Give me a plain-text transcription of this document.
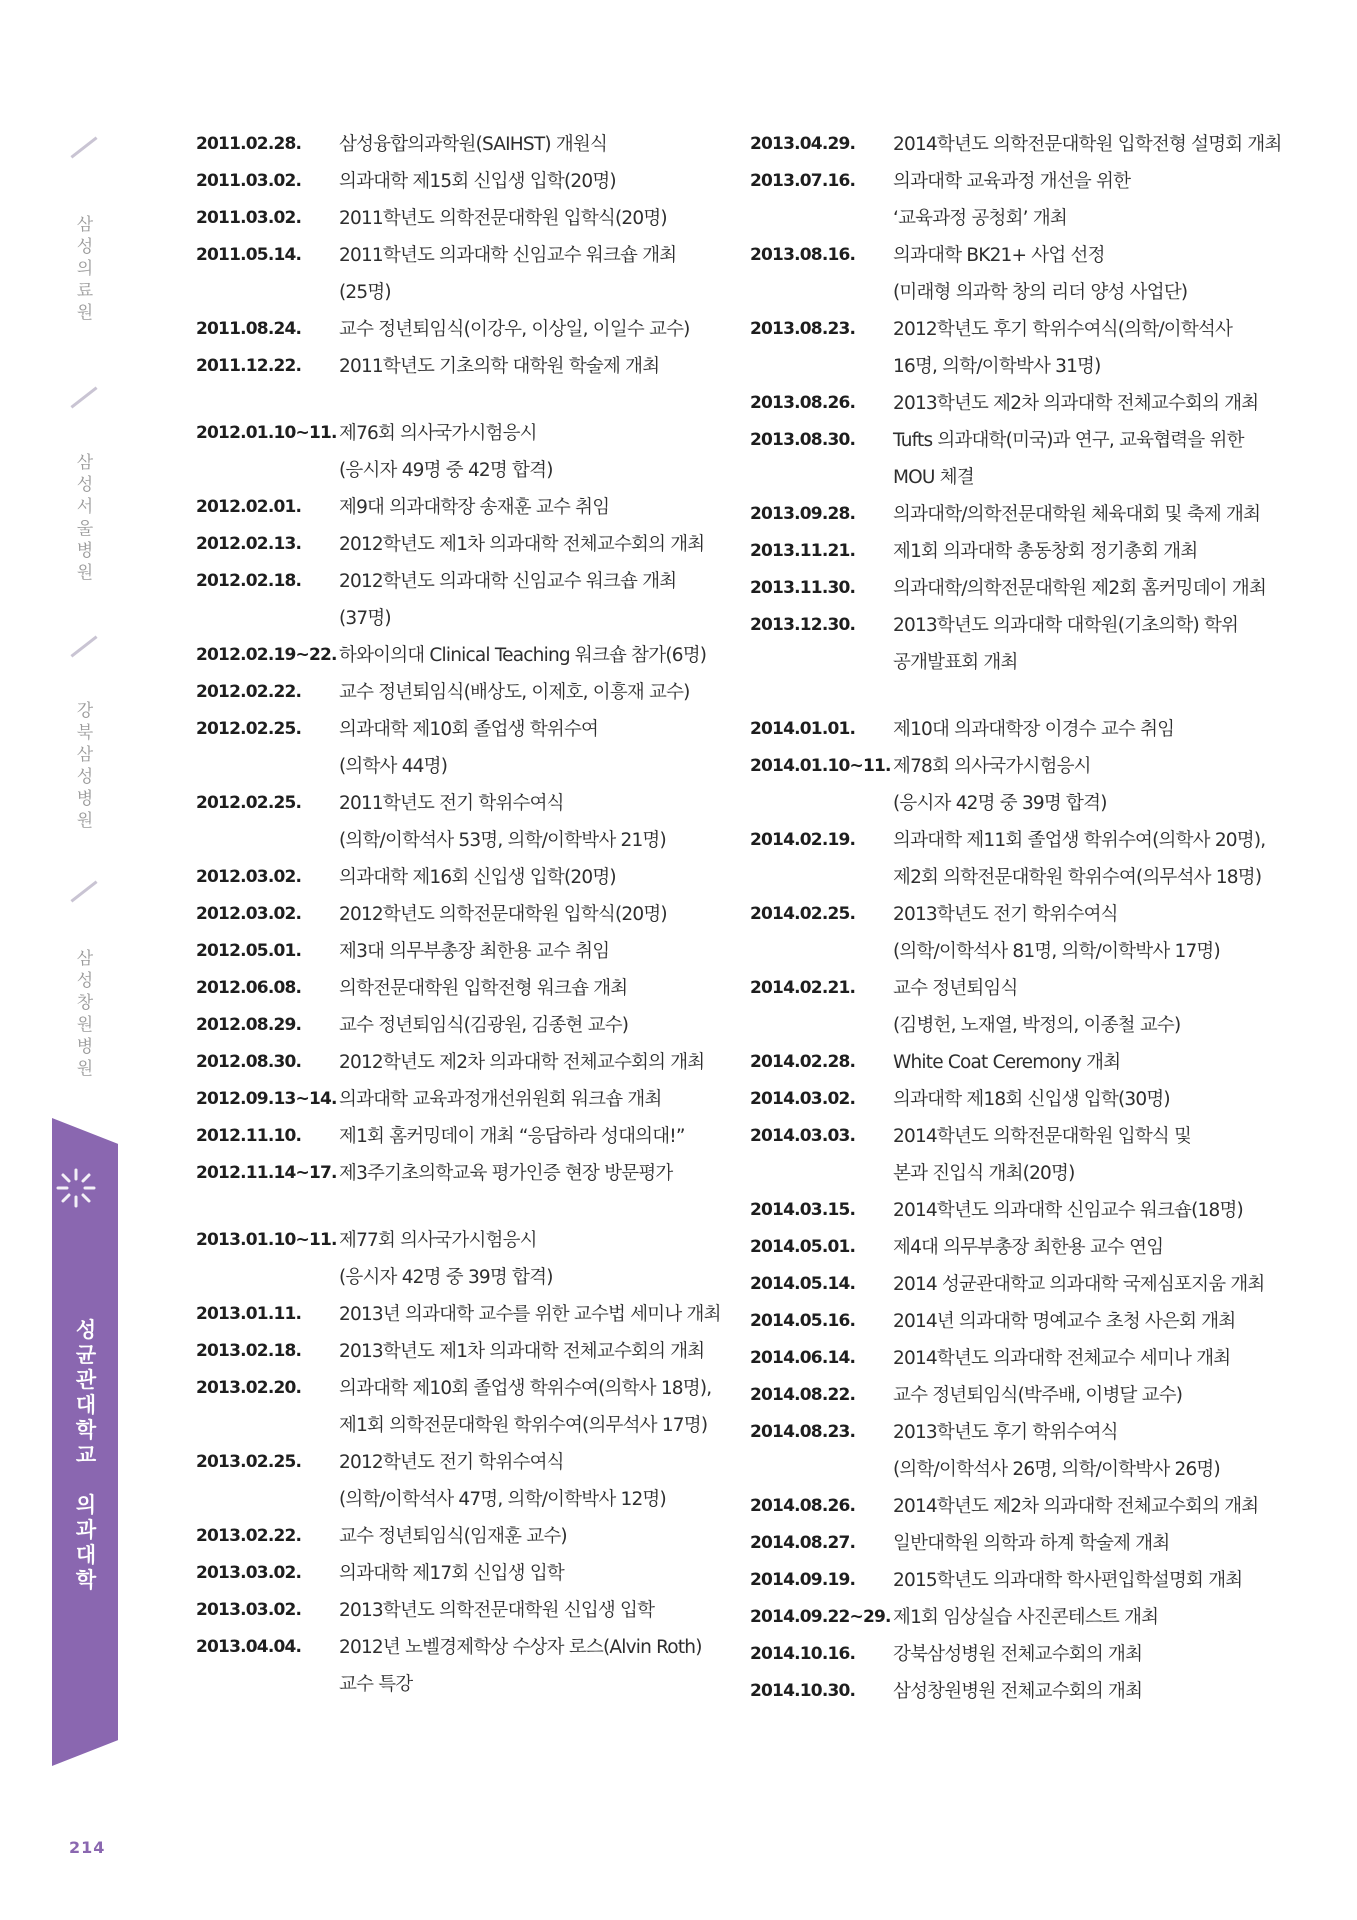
삼
성
의
료
원
삼
성
서
울
병
원
강
북
삼
성
병
원
삼
성
창
원
병
원
성
균
관
대
학
교

의
과
대
학
214
2011.02.28.	삼성융합의과학원(SAIHST) 개원식
2011.03.02.	의과대학 제15회 신입생 입학(20명)
2011.03.02.	2011학년도 의학전문대학원 입학식(20명)
2011.05.14.	2011학년도 의과대학 신임교수 워크숍 개최
(25명)
2011.08.24.	교수 정년퇴임식(이강우, 이상일, 이일수 교수)
2011.12.22.	2011학년도 기초의학 대학원 학술제 개최
2012.01.10~11. 제76회 의사국가시험응시
(응시자 49명 중 42명 합격)
2012.02.01.	제9대 의과대학장 송재훈 교수 취임
2012.02.13.	2012학년도 제1차 의과대학 전체교수회의 개최
2012.02.18.	2012학년도 의과대학 신임교수 워크숍 개최
(37명)
2012.02.19~22. 하와이의대 Clinical Teaching 워크숍 참가(6명)
2012.02.22.	교수 정년퇴임식(배상도, 이제호, 이흥재 교수)
2012.02.25.	의과대학 제10회 졸업생 학위수여
(의학사 44명)
2012.02.25.	2011학년도 전기 학위수여식
(의학/이학석사 53명, 의학/이학박사 21명)
2012.03.02.	의과대학 제16회 신입생 입학(20명)
2012.03.02.	2012학년도 의학전문대학원 입학식(20명)
2012.05.01.	제3대 의무부총장 최한용 교수 취임
2012.06.08.	의학전문대학원 입학전형 워크숍 개최
2012.08.29.	교수 정년퇴임식(김광원, 김종현 교수)
2012.08.30.	2012학년도 제2차 의과대학 전체교수회의 개최
2012.09.13~14. 의과대학 교육과정개선위원회 워크숍 개최
2012.11.10.	제1회 홈커밍데이 개최 “응답하라 성대의대!”
2012.11.14~17. 제3주기초의학교육 평가인증 현장 방문평가
2013.01.10~11. 제77회 의사국가시험응시
(응시자 42명 중 39명 합격)
2013.01.11.	2013년 의과대학 교수를 위한 교수법 세미나 개최
2013.02.18.	2013학년도 제1차 의과대학 전체교수회의 개최
2013.02.20.	의과대학 제10회 졸업생 학위수여(의학사 18명),
제1회 의학전문대학원 학위수여(의무석사 17명)
2013.02.25.	2012학년도 전기 학위수여식
(의학/이학석사 47명, 의학/이학박사 12명)
2013.02.22.	교수 정년퇴임식(임재훈 교수)
2013.03.02.	의과대학 제17회 신입생 입학
2013.03.02.	2013학년도 의학전문대학원 신입생 입학
2013.04.04.	2012년 노벨경제학상 수상자 로스(Alvin Roth)
교수 특강
2013.04.29.	2014학년도 의학전문대학원 입학전형 설명회 개최
2013.07.16.	의과대학 교육과정 개선을 위한
‘교육과정 공청회’ 개최
2013.08.16.	의과대학 BK21+ 사업 선정
(미래형 의과학 창의 리더 양성 사업단)
2013.08.23.	2012학년도 후기 학위수여식(의학/이학석사
16명, 의학/이학박사 31명)
2013.08.26.	2013학년도 제2차 의과대학 전체교수회의 개최
2013.08.30.	Tufts 의과대학(미국)과 연구, 교육협력을 위한
MOU 체결
2013.09.28.	의과대학/의학전문대학원 체육대회 및 축제 개최
2013.11.21.	제1회 의과대학 총동창회 정기총회 개최
2013.11.30.	의과대학/의학전문대학원 제2회 홈커밍데이 개최
2013.12.30.	2013학년도 의과대학 대학원(기초의학) 학위
공개발표회 개최
2014.01.01.	제10대 의과대학장 이경수 교수 취임
2014.01.10~11. 제78회 의사국가시험응시
(응시자 42명 중 39명 합격)
2014.02.19.	의과대학 제11회 졸업생 학위수여(의학사 20명),
제2회 의학전문대학원 학위수여(의무석사 18명)
2014.02.25.	2013학년도 전기 학위수여식
(의학/이학석사 81명, 의학/이학박사 17명)
2014.02.21.	교수 정년퇴임식
(김병헌, 노재열, 박정의, 이종철 교수)
2014.02.28.	White Coat Ceremony 개최
2014.03.02.	의과대학 제18회 신입생 입학(30명)
2014.03.03.	2014학년도 의학전문대학원 입학식 및
본과 진입식 개최(20명)
2014.03.15.	2014학년도 의과대학 신임교수 워크숍(18명)
2014.05.01.	제4대 의무부총장 최한용 교수 연임
2014.05.14.	2014 성균관대학교 의과대학 국제심포지움 개최
2014.05.16.	2014년 의과대학 명예교수 초청 사은회 개최
2014.06.14.	2014학년도 의과대학 전체교수 세미나 개최
2014.08.22.	교수 정년퇴임식(박주배, 이병달 교수)
2014.08.23.	2013학년도 후기 학위수여식
(의학/이학석사 26명, 의학/이학박사 26명)
2014.08.26.	2014학년도 제2차 의과대학 전체교수회의 개최
2014.08.27.	일반대학원 의학과 하계 학술제 개최
2014.09.19.	2015학년도 의과대학 학사편입학설명회 개최
2014.09.22~29. 제1회 임상실습 사진콘테스트 개최
2014.10.16.	강북삼성병원 전체교수회의 개최
2014.10.30.	삼성창원병원 전체교수회의 개최
